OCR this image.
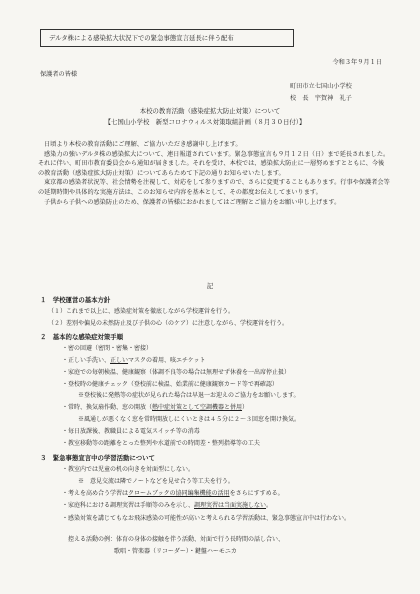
デルタ株による感染拡大状況下での緊急事態宣言延長に伴う配布
令和３年９月１日
保護者の皆様
町田市立七国山小学校
校　長　宇賀神　礼子
本校の教育活動（感染症拡大防止対策）について
【七国山小学校　新型コロナウィルス対策取組計画（８月３０日付）】

日頃より本校の教育活動にご理解、ご協力いただき感謝申し上げます。

感染力の強いデルタ株の感染拡大について、連日報道されています。緊急事態宣言も９月１２日（日）まで延長されました。それに伴い、町田市教育委員会から通知が届きました。それを受け、本校では、感染拡大防止に一層努めますとともに、今後の教育活動（感染症拡大防止対策）についてあらためて下記の通りお知らせいたします。

東京都の感染者状況等、社会情勢を注視して、対応をして参りますので、さらに変更することもあります。行事や保護者会等の延期時期や具体的な実施方法は、このお知らせ内容を基本として、その都度お伝えしてまいります。

子供から子供への感染防止のため、保護者の皆様におかれましてはご理解とご協力をお願い申し上げます。

記
１　学校運営の基本方針
（１）これまで以上に、感染症対策を徹底しながら学校運営を行う。
（２）差別や偏見の未然防止及び子供の心（のケア）に注意しながら、学校運営を行う。
２　基本的な感染症対策手順
・密の回避（密閉・密集・密接）
・正しい手洗い、正しいマスクの着用、咳エチケット
・家庭での毎朝検温、健康観察（体調不良等の場合は無理せず休養を一出席停止扱）
・登校時の健康チェック（登校前に検温、始業前に健康観察カード等で再確認）
※登校後に発熱等の症状が見られた場合は早退一お迎えのご協力をお願いします。
・常時、換気扇作動、窓の開放（熱中症対策として空調機器と併用）
※風通しが悪くなく窓を常時開放しにくいときは４５分に２～３回窓を開け換気。
・毎日放課後、教職員による電気スイッチ等の消毒
・教室移動等の距離をとった整列や水道前での時間差・整列指導等の工夫
３　緊急事態宣言中の学習活動について
・教室内では児童の机の向きを対面型にしない。
※　意見交流は隣でノートなどを見せ合う等工夫を行う。
・考えを高め合う学習はクロームブックの協同編集機能の活用をさらにすすめる。
・家庭科における調理実習は手順等のみを示し、調理実習は当面実施しない。
・感染対策を講じてもなお飛沫感染の可能性が高いと考えられる学習活動は、緊急事態宣言中は行わない。
　控える活動の例：体育の身体の接触を伴う活動、対面で行う長時間の話し合い、
歌唱・管楽器（リコーダー）・鍵盤ハーモニカ
